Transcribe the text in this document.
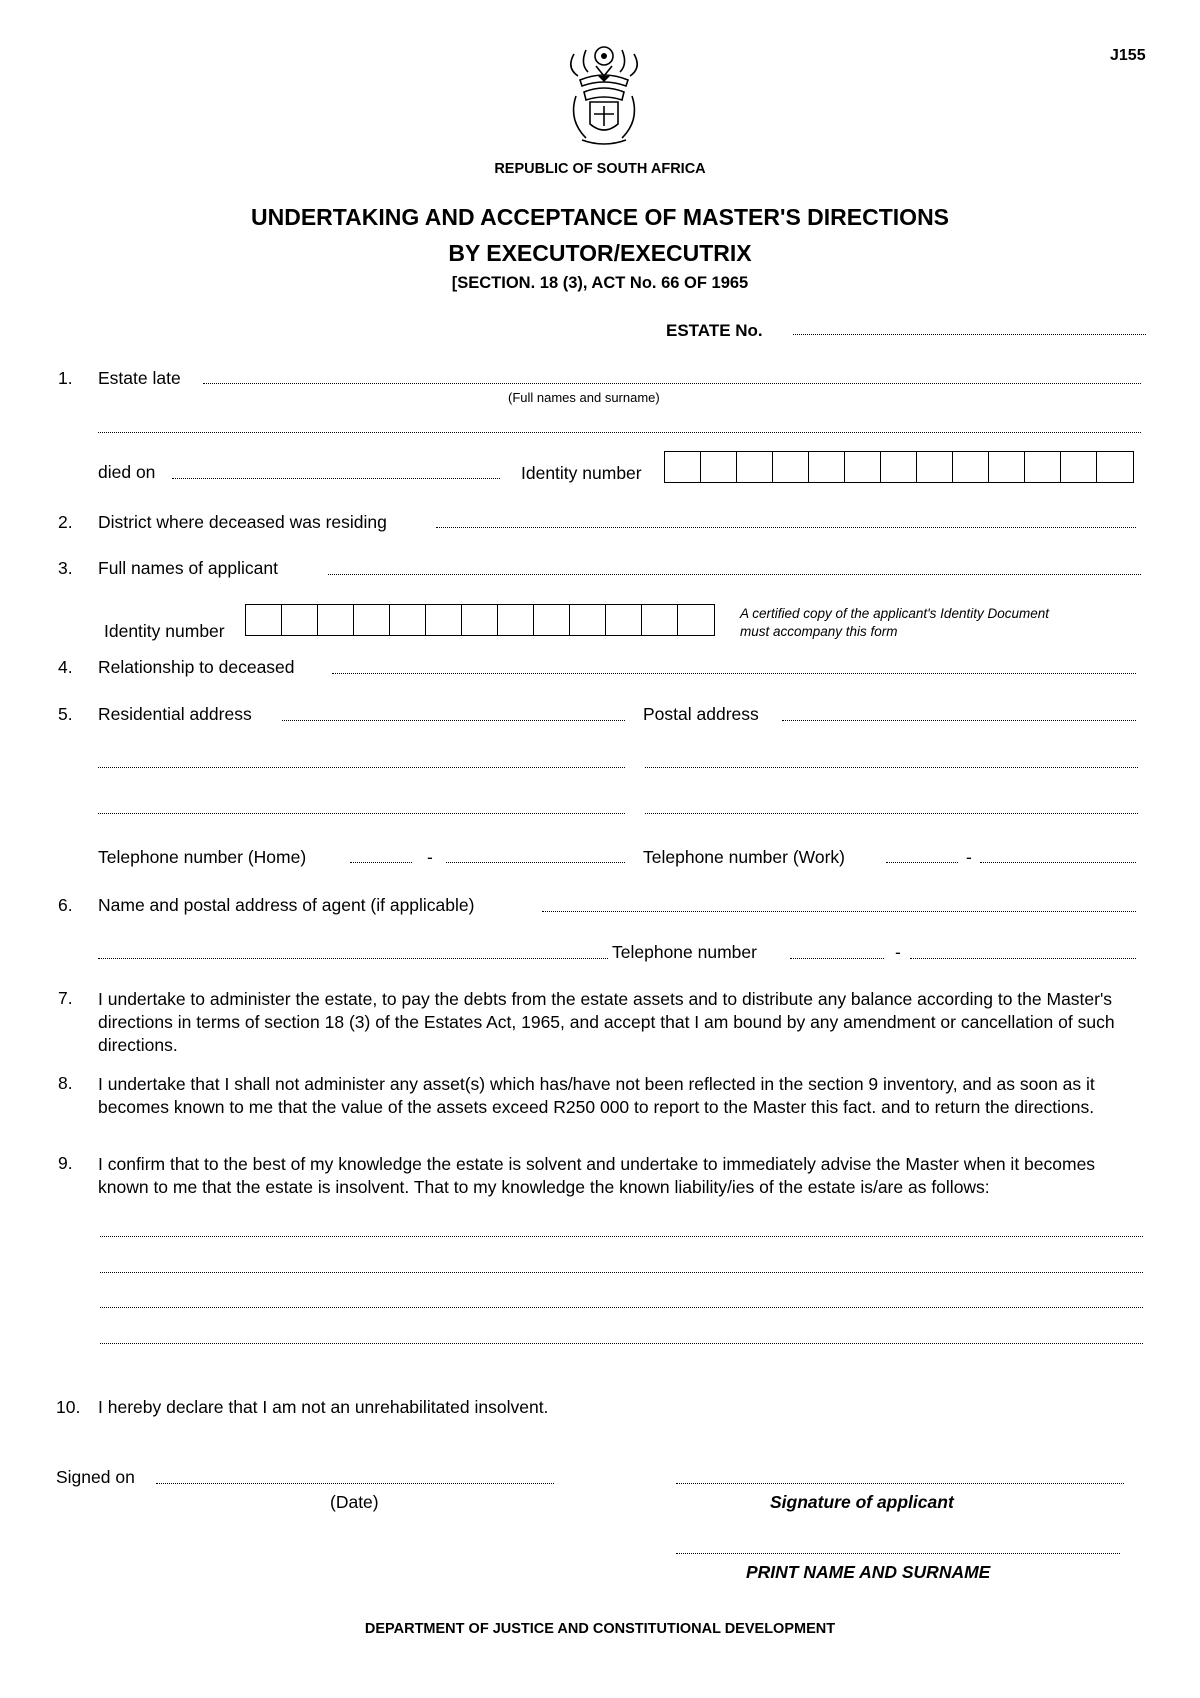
J155
REPUBLIC OF SOUTH AFRICA
UNDERTAKING AND ACCEPTANCE OF MASTER'S DIRECTIONS
BY EXECUTOR/EXECUTRIX
[SECTION. 18 (3), ACT No. 66 OF 1965
ESTATE No.
1. Estate late
(Full names and surname)
died on	Identity number
2. District where deceased was residing
3. Full names of applicant
Identity number
A certified copy of the applicant's Identity Document
must accompany this form
4. Relationship to deceased
5. Residential address	Postal address
Telephone number (Home)	-	Telephone number (Work)	-
6. Name and postal address of agent (if applicable)
Telephone number	-
7. I undertake to administer the estate, to pay the debts from the estate assets and to distribute any balance according to the Master's directions in terms of section 18 (3) of the Estates Act, 1965, and accept that I am bound by any amendment or cancellation of such directions.
8. I undertake that I shall not administer any asset(s) which has/have not been reflected in the section 9 inventory, and as soon as it becomes known to me that the value of the assets exceed R250 000 to report to the Master this fact. and to return the directions.
9. I confirm that to the best of my knowledge the estate is solvent and undertake to immediately advise the Master when it becomes known to me that the estate is insolvent. That to my knowledge the known liability/ies of the estate is/are as follows:
10. I hereby declare that I am not an unrehabilitated insolvent.
Signed on
(Date)	Signature of applicant
PRINT NAME AND SURNAME
DEPARTMENT OF JUSTICE AND CONSTITUTIONAL DEVELOPMENT
